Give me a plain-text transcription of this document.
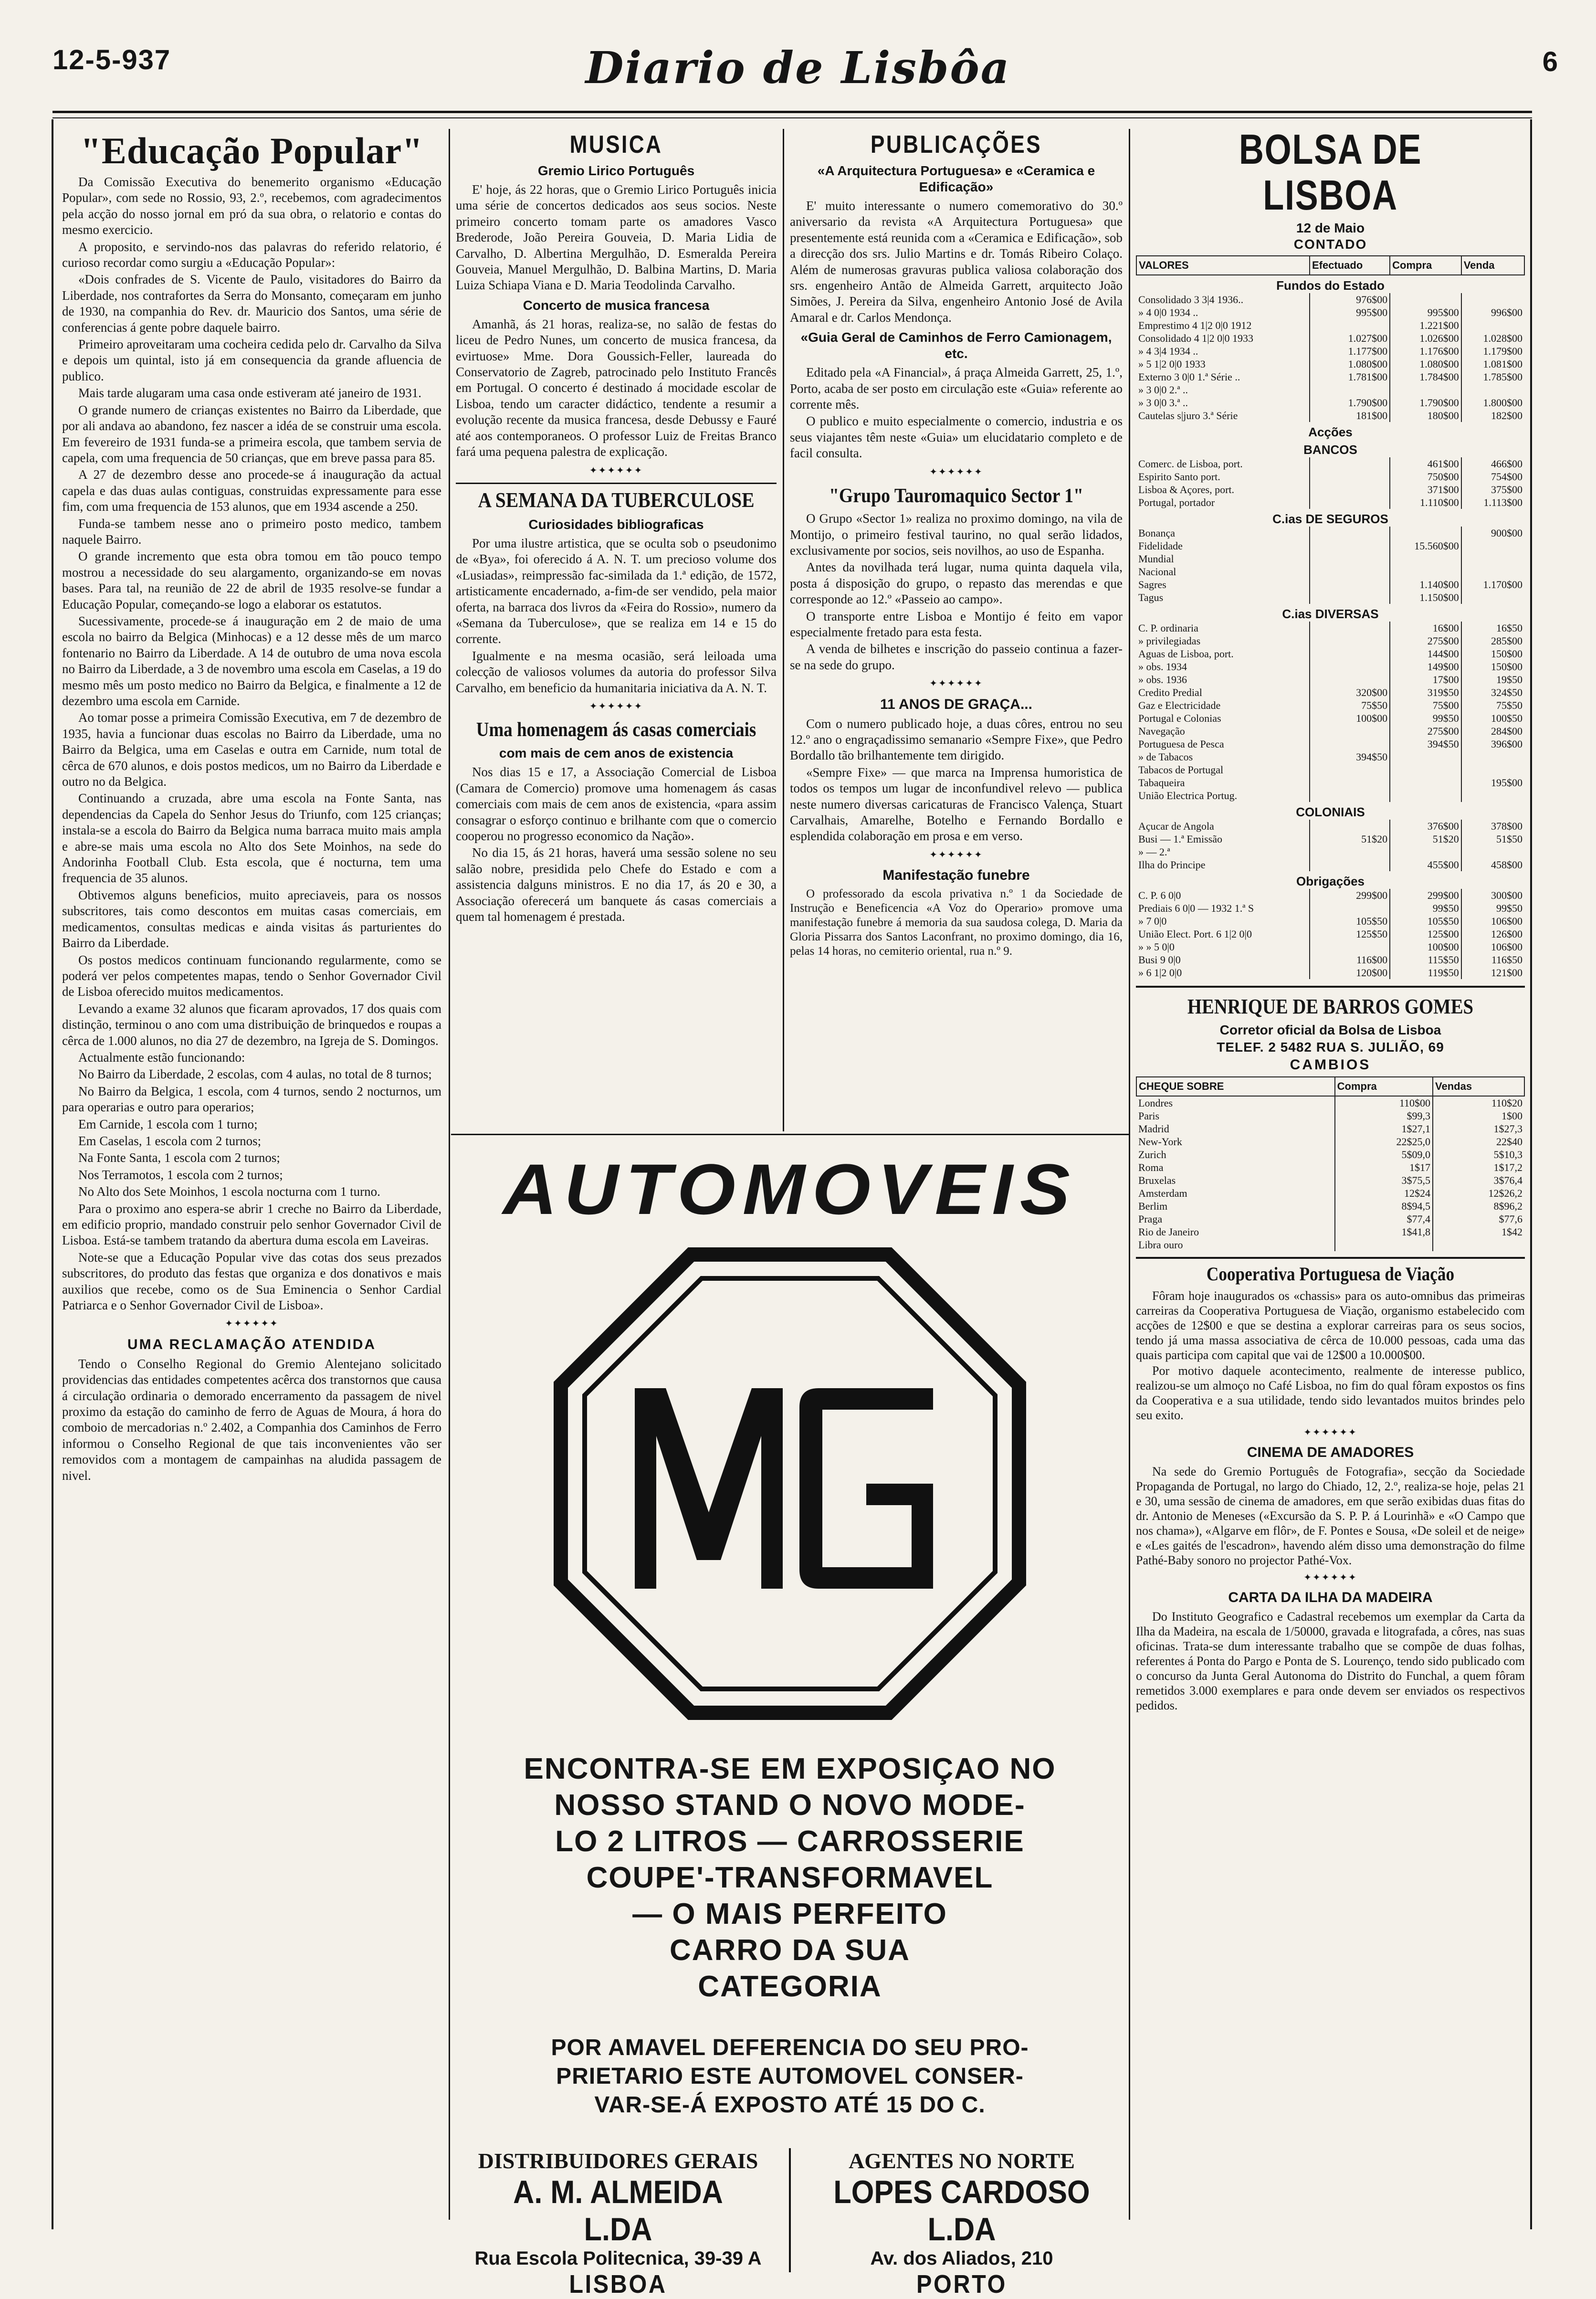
12-5-937	Diario de Lisbôa	6
"Educação Popular"

Da Comissão Executiva do benemerito organismo «Educação Popular», com sede no Rossio, 93, 2.º, recebemos, com agradecimentos pela acção do nosso jornal em pró da sua obra, o relatorio e contas do mesmo exercicio.

A proposito, e servindo-nos das palavras do referido relatorio, é curioso recordar como surgiu a «Educação Popular»:

«Dois confrades de S. Vicente de Paulo, visitadores do Bairro da Liberdade, nos contrafortes da Serra do Monsanto, começaram em junho de 1930, na companhia do Rev. dr. Mauricio dos Santos, uma série de conferencias á gente pobre daquele bairro.

Primeiro aproveitaram uma cocheira cedida pelo dr. Carvalho da Silva e depois um quintal, isto já em consequencia da grande afluencia de publico.

Mais tarde alugaram uma casa onde estiveram até janeiro de 1931.

O grande numero de crianças existentes no Bairro da Liberdade, que por ali andava ao abandono, fez nascer a idéa de se construir uma escola. Em fevereiro de 1931 funda-se a primeira escola, que tambem servia de capela, com uma frequencia de 50 crianças, que em breve passa para 85.

A 27 de dezembro desse ano procede-se á inauguração da actual capela e das duas aulas contiguas, construidas expressamente para esse fim, com uma frequencia de 153 alunos, que em 1934 ascende a 250.

Funda-se tambem nesse ano o primeiro posto medico, tambem naquele Bairro.

O grande incremento que esta obra tomou em tão pouco tempo mostrou a necessidade do seu alargamento, organizando-se em novas bases. Para tal, na reunião de 22 de abril de 1935 resolve-se fundar a Educação Popular, começando-se logo a elaborar os estatutos.

Sucessivamente, procede-se á inauguração em 2 de maio de uma escola no bairro da Belgica (Minhocas) e a 12 desse mês de um marco fontenario no Bairro da Liberdade. A 14 de outubro de uma nova escola no Bairro da Liberdade, a 3 de novembro uma escola em Caselas, a 19 do mesmo mês um posto medico no Bairro da Belgica, e finalmente a 12 de dezembro uma escola em Carnide.

Ao tomar posse a primeira Comissão Executiva, em 7 de dezembro de 1935, havia a funcionar duas escolas no Bairro da Liberdade, uma no Bairro da Belgica, uma em Caselas e outra em Carnide, num total de cêrca de 670 alunos, e dois postos medicos, um no Bairro da Liberdade e outro no da Belgica.

Continuando a cruzada, abre uma escola na Fonte Santa, nas dependencias da Capela do Senhor Jesus do Triunfo, com 125 crianças; instala-se a escola do Bairro da Belgica numa barraca muito mais ampla e abre-se mais uma escola no Alto dos Sete Moinhos, na sede do Andorinha Football Club. Esta escola, que é nocturna, tem uma frequencia de 35 alunos.

Obtivemos alguns beneficios, muito apreciaveis, para os nossos subscritores, tais como descontos em muitas casas comerciais, em medicamentos, consultas medicas e ainda visitas ás parturientes do Bairro da Liberdade.

Os postos medicos continuam funcionando regularmente, como se poderá ver pelos competentes mapas, tendo o Senhor Governador Civil de Lisboa oferecido muitos medicamentos.

Levando a exame 32 alunos que ficaram aprovados, 17 dos quais com distinção, terminou o ano com uma distribuição de brinquedos e roupas a cêrca de 1.000 alunos, no dia 27 de dezembro, na Igreja de S. Domingos.

Actualmente estão funcionando:

No Bairro da Liberdade, 2 escolas, com 4 aulas, no total de 8 turnos;

No Bairro da Belgica, 1 escola, com 4 turnos, sendo 2 nocturnos, um para operarias e outro para operarios;

Em Carnide, 1 escola com 1 turno;

Em Caselas, 1 escola com 2 turnos;

Na Fonte Santa, 1 escola com 2 turnos;

Nos Terramotos, 1 escola com 2 turnos;

No Alto dos Sete Moinhos, 1 escola nocturna com 1 turno.

Para o proximo ano espera-se abrir 1 creche no Bairro da Liberdade, em edificio proprio, mandado construir pelo senhor Governador Civil de Lisboa. Está-se tambem tratando da abertura duma escola em Laveiras.

Note-se que a Educação Popular vive das cotas dos seus prezados subscritores, do produto das festas que organiza e dos donativos e mais auxilios que recebe, como os de Sua Eminencia o Senhor Cardial Patriarca e o Senhor Governador Civil de Lisboa».

✦✦✦✦✦✦
UMA RECLAMAÇÃO ATENDIDA

Tendo o Conselho Regional do Gremio Alentejano solicitado providencias das entidades competentes acêrca dos transtornos que causa á circulação ordinaria o demorado encerramento da passagem de nivel proximo da estação do caminho de ferro de Aguas de Moura, á hora do comboio de mercadorias n.º 2.402, a Companhia dos Caminhos de Ferro informou o Conselho Regional de que tais inconvenientes vão ser removidos com a montagem de campainhas na aludida passagem de nivel.

MUSICA
Gremio Lirico Português

E' hoje, ás 22 horas, que o Gremio Lirico Português inicia uma série de concertos dedicados aos seus socios. Neste primeiro concerto tomam parte os amadores Vasco Brederode, João Pereira Gouveia, D. Maria Lidia de Carvalho, D. Albertina Mergulhão, D. Esmeralda Pereira Gouveia, Manuel Mergulhão, D. Balbina Martins, D. Maria Luiza Schiapa Viana e D. Maria Teodolinda Carvalho.

Concerto de musica francesa

Amanhã, ás 21 horas, realiza-se, no salão de festas do liceu de Pedro Nunes, um concerto de musica francesa, da evirtuose» Mme. Dora Goussich-Feller, laureada do Conservatorio de Zagreb, patrocinado pelo Instituto Francês em Portugal. O concerto é destinado á mocidade escolar de Lisboa, tendo um caracter didáctico, tendente a resumir a evolução recente da musica francesa, desde Debussy e Fauré até aos contemporaneos. O professor Luiz de Freitas Branco fará uma pequena palestra de explicação.

✦✦✦✦✦✦
A SEMANA DA TUBERCULOSE
Curiosidades bibliograficas

Por uma ilustre artistica, que se oculta sob o pseudonimo de «Bya», foi oferecido á A. N. T. um precioso volume dos «Lusiadas», reimpressão fac-similada da 1.ª edição, de 1572, artisticamente encadernado, a-fim-de ser vendido, pela maior oferta, na barraca dos livros da «Feira do Rossio», numero da «Semana da Tuberculose», que se realiza em 14 e 15 do corrente.

Igualmente e na mesma ocasião, será leiloada uma colecção de valiosos volumes da autoria do professor Silva Carvalho, em beneficio da humanitaria iniciativa da A. N. T.

✦✦✦✦✦✦
Uma homenagem ás casas comerciais
com mais de cem anos de existencia

Nos dias 15 e 17, a Associação Comercial de Lisboa (Camara de Comercio) promove uma homenagem ás casas comerciais com mais de cem anos de existencia, «para assim consagrar o esforço continuo e brilhante com que o comercio cooperou no progresso economico da Nação».

No dia 15, ás 21 horas, haverá uma sessão solene no seu salão nobre, presidida pelo Chefe do Estado e com a assistencia dalguns ministros. E no dia 17, ás 20 e 30, a Associação oferecerá um banquete ás casas comerciais a quem tal homenagem é prestada.

PUBLICAÇÕES
«A Arquitectura Portuguesa» e «Ceramica e Edificação»

E' muito interessante o numero comemorativo do 30.º aniversario da revista «A Arquitectura Portuguesa» que presentemente está reunida com a «Ceramica e Edificação», sob a direcção dos srs. Julio Martins e dr. Tomás Ribeiro Colaço. Além de numerosas gravuras publica valiosa colaboração dos srs. engenheiro Antão de Almeida Garrett, arquitecto João Simões, J. Pereira da Silva, engenheiro Antonio José de Avila Amaral e dr. Carlos Mendonça.

«Guia Geral de Caminhos de Ferro Camionagem, etc.

Editado pela «A Financial», á praça Almeida Garrett, 25, 1.º, Porto, acaba de ser posto em circulação este «Guia» referente ao corrente mês.

O publico e muito especialmente o comercio, industria e os seus viajantes têm neste «Guia» um elucidatario completo e de facil consulta.

✦✦✦✦✦✦
"Grupo Tauromaquico Sector 1"

O Grupo «Sector 1» realiza no proximo domingo, na vila de Montijo, o primeiro festival taurino, no qual serão lidados, exclusivamente por socios, seis novilhos, ao uso de Espanha.

Antes da novilhada terá lugar, numa quinta daquela vila, posta á disposição do grupo, o repasto das merendas e que corresponde ao 12.º «Passeio ao campo».

O transporte entre Lisboa e Montijo é feito em vapor especialmente fretado para esta festa.

A venda de bilhetes e inscrição do passeio continua a fazer-se na sede do grupo.

✦✦✦✦✦✦
11 ANOS DE GRAÇA...

Com o numero publicado hoje, a duas côres, entrou no seu 12.º ano o engraçadissimo semanario «Sempre Fixe», que Pedro Bordallo tão brilhantemente tem dirigido.

«Sempre Fixe» — que marca na Imprensa humoristica de todos os tempos um lugar de inconfundivel relevo — publica neste numero diversas caricaturas de Francisco Valença, Stuart Carvalhais, Amarelhe, Botelho e Fernando Bordallo e esplendida colaboração em prosa e em verso.

✦✦✦✦✦✦
Manifestação funebre

O professorado da escola privativa n.º 1 da Sociedade de Instrução e Beneficencia «A Voz do Operario» promove uma manifestação funebre á memoria da sua saudosa colega, D. Maria da Gloria Pissarra dos Santos Laconfrant, no proximo domingo, dia 16, pelas 14 horas, no cemiterio oriental, rua n.º 9.

BOLSA DE LISBOA
12 de Maio
CONTADO
VALORES	Efectuado	Compra	Venda
Fundos do Estado			
Consolidado 3 3|4 1936..	976$00		
» 4 0|0 1934 ..	995$00	995$00	996$00
Emprestimo 4 1|2 0|0 1912		1.221$00	
Consolidado 4 1|2 0|0 1933	1.027$00	1.026$00	1.028$00
» 4 3|4 1934 ..	1.177$00	1.176$00	1.179$00
» 5 1|2 0|0 1933	1.080$00	1.080$00	1.081$00
Externo 3 0|0 1.ª Série ..	1.781$00	1.784$00	1.785$00
» 3 0|0 2.ª ..			
» 3 0|0 3.ª ..	1.790$00	1.790$00	1.800$00
Cautelas s|juro 3.ª Série	181$00	180$00	182$00
Acções			
BANCOS			
Comerc. de Lisboa, port.		461$00	466$00
Espirito Santo port.		750$00	754$00
Lisboa & Açores, port.		371$00	375$00
Portugal, portador		1.110$00	1.113$00
C.ias DE SEGUROS			
Bonança			900$00
Fidelidade		15.560$00	
Mundial			
Nacional			
Sagres		1.140$00	1.170$00
Tagus		1.150$00	
C.ias DIVERSAS			
C. P. ordinaria		16$00	16$50
» privilegiadas		275$00	285$00
Aguas de Lisboa, port.		144$00	150$00
» obs. 1934		149$00	150$00
» obs. 1936		17$00	19$50
Credito Predial	320$00	319$50	324$50
Gaz e Electricidade	75$50	75$00	75$50
Portugal e Colonias	100$00	99$50	100$50
Navegação		275$00	284$00
Portuguesa de Pesca		394$50	396$00
» de Tabacos	394$50		
Tabacos de Portugal			
Tabaqueira			195$00
União Electrica Portug.			
COLONIAIS			
Açucar de Angola		376$00	378$00
Busi — 1.ª Emissão	51$20	51$20	51$50
» — 2.ª			
Ilha do Principe		455$00	458$00
Obrigações			
C. P. 6 0|0	299$00	299$00	300$00
Prediais 6 0|0 — 1932 1.ª S		99$50	99$50
» 7 0|0	105$50	105$50	106$00
União Elect. Port. 6 1|2 0|0	125$50	125$00	126$00
» » 5 0|0		100$00	106$00
Busi 9 0|0	116$00	115$50	116$50
» 6 1|2 0|0	120$00	119$50	121$00
HENRIQUE DE BARROS GOMES
Corretor oficial da Bolsa de Lisboa
TELEF. 2 5482 RUA S. JULIÃO, 69
CAMBIOS
CHEQUE SOBRE	Compra	Vendas
Londres	110$00	110$20
Paris	$99,3	1$00
Madrid	1$27,1	1$27,3
New-York	22$25,0	22$40
Zurich	5$09,0	5$10,3
Roma	1$17	1$17,2
Bruxelas	3$75,5	3$76,4
Amsterdam	12$24	12$26,2
Berlim	8$94,5	8$96,2
Praga	$77,4	$77,6
Rio de Janeiro	1$41,8	1$42
Libra ouro		
Cooperativa Portuguesa de Viação

Fôram hoje inaugurados os «chassis» para os auto-omnibus das primeiras carreiras da Cooperativa Portuguesa de Viação, organismo estabelecido com acções de 12$00 e que se destina a explorar carreiras para os seus socios, tendo já uma massa associativa de cêrca de 10.000 pessoas, cada uma das quais participa com capital que vai de 12$00 a 10.000$00.

Por motivo daquele acontecimento, realmente de interesse publico, realizou-se um almoço no Café Lisboa, no fim do qual fôram expostos os fins da Cooperativa e a sua utilidade, tendo sido levantados muitos brindes pelo seu exito.

✦✦✦✦✦✦
CINEMA DE AMADORES

Na sede do Gremio Português de Fotografia», secção da Sociedade Propaganda de Portugal, no largo do Chiado, 12, 2.º, realiza-se hoje, pelas 21 e 30, uma sessão de cinema de amadores, em que serão exibidas duas fitas do dr. Antonio de Meneses («Excursão da S. P. P. á Lourinhã» e «O Campo que nos chama»), «Algarve em flôr», de F. Pontes e Sousa, «De soleil et de neige» e «Les gaités de l'escadron», havendo além disso uma demonstração do filme Pathé-Baby sonoro no projector Pathé-Vox.

✦✦✦✦✦✦
CARTA DA ILHA DA MADEIRA

Do Instituto Geografico e Cadastral recebemos um exemplar da Carta da Ilha da Madeira, na escala de 1/50000, gravada e litografada, a côres, nas suas oficinas. Trata-se dum interessante trabalho que se compõe de duas folhas, referentes á Ponta do Pargo e Ponta de S. Lourenço, tendo sido publicado com o concurso da Junta Geral Autonoma do Distrito do Funchal, a quem fôram remetidos 3.000 exemplares e para onde devem ser enviados os respectivos pedidos.

AUTOMOVEIS
ENCONTRA-SE EM EXPOSIÇAO NO
NOSSO STAND O NOVO MODE-
LO 2 LITROS — CARROSSERIE
COUPE'-TRANSFORMAVEL
— O MAIS PERFEITO
CARRO DA SUA
CATEGORIA
POR AMAVEL DEFERENCIA DO SEU PRO-
PRIETARIO ESTE AUTOMOVEL CONSER-
VAR-SE-Á EXPOSTO ATÉ 15 DO C.
DISTRIBUIDORES GERAIS
A. M. ALMEIDA L.DA
Rua Escola Politecnica, 39-39 A
LISBOA
AGENTES NO NORTE
LOPES CARDOSO L.DA
Av. dos Aliados, 210
PORTO
